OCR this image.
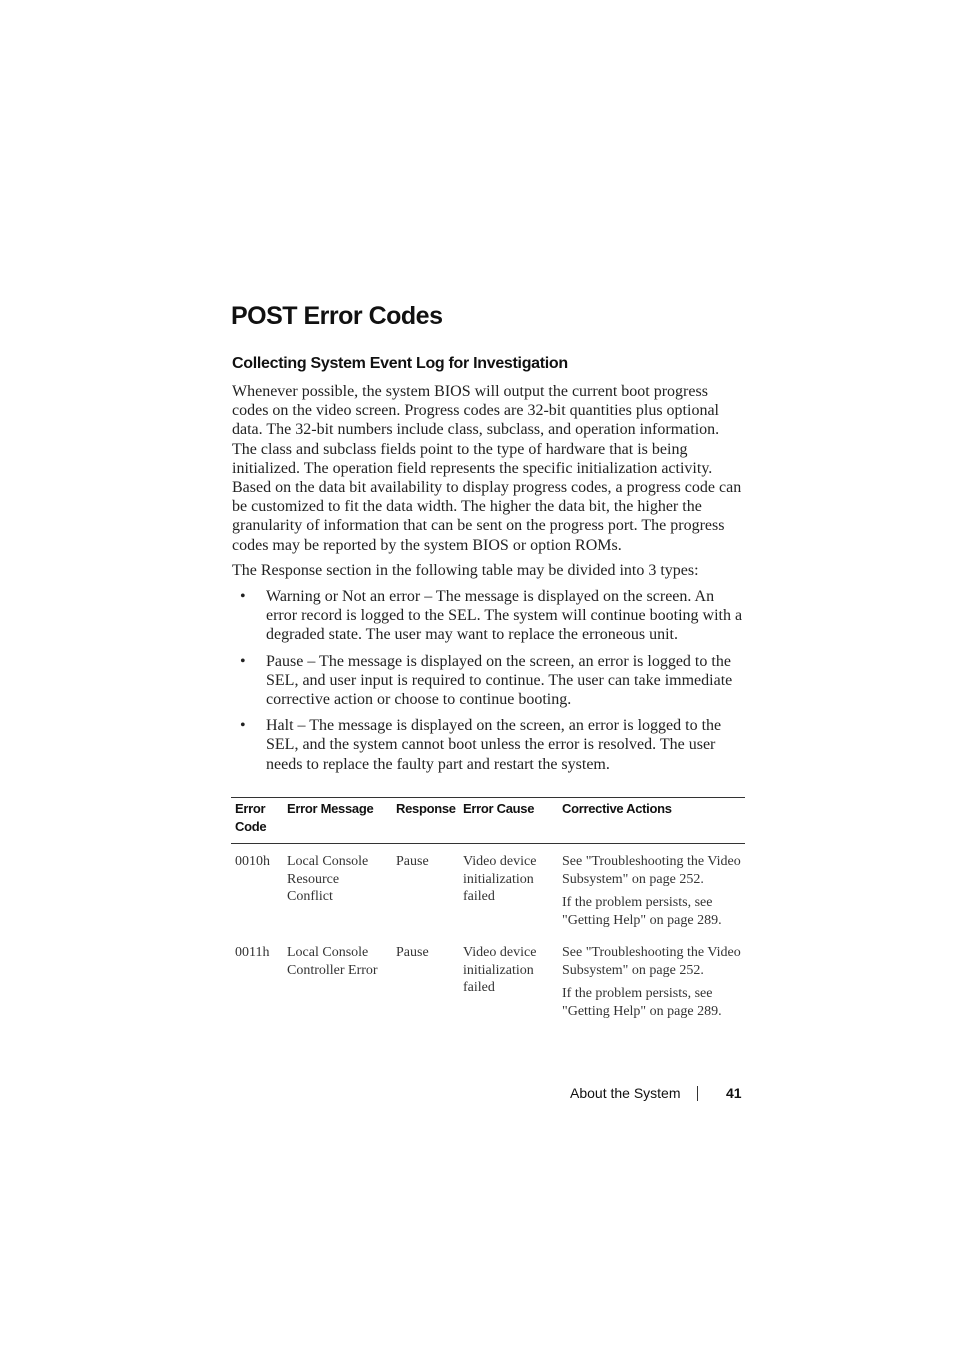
POST Error Codes
Collecting System Event Log for Investigation

Whenever possible, the system BIOS will output the current boot progress codes on the video screen. Progress codes are 32-bit quantities plus optional data. The 32-bit numbers include class, subclass, and operation information. The class and subclass fields point to the type of hardware that is being initialized. The operation field represents the specific initialization activity. Based on the data bit availability to display progress codes, a progress code can be customized to fit the data width. The higher the data bit, the higher the granularity of information that can be sent on the progress port. The progress codes may be reported by the system BIOS or option ROMs.

The Response section in the following table may be divided into 3 types:

• Warning or Not an error – The message is displayed on the screen. An error record is logged to the SEL. The system will continue booting with a degraded state. The user may want to replace the erroneous unit.
• Pause – The message is displayed on the screen, an error is logged to the SEL, and user input is required to continue. The user can take immediate corrective action or choose to continue booting.
• Halt – The message is displayed on the screen, an error is logged to the SEL, and the system cannot boot unless the error is resolved. The user needs to replace the faulty part and restart the system.
Error Code	Error Message	Response	Error Cause	Corrective Actions
0010h	Local Console Resource Conflict	Pause	Video device initialization failed	See "Troubleshooting the Video Subsystem" on page 252.

If the problem persists, see "Getting Help" on page 289.

0011h	Local Console Controller Error	Pause	Video device initialization failed	See "Troubleshooting the Video Subsystem" on page 252.

If the problem persists, see "Getting Help" on page 289.

About the System	41
